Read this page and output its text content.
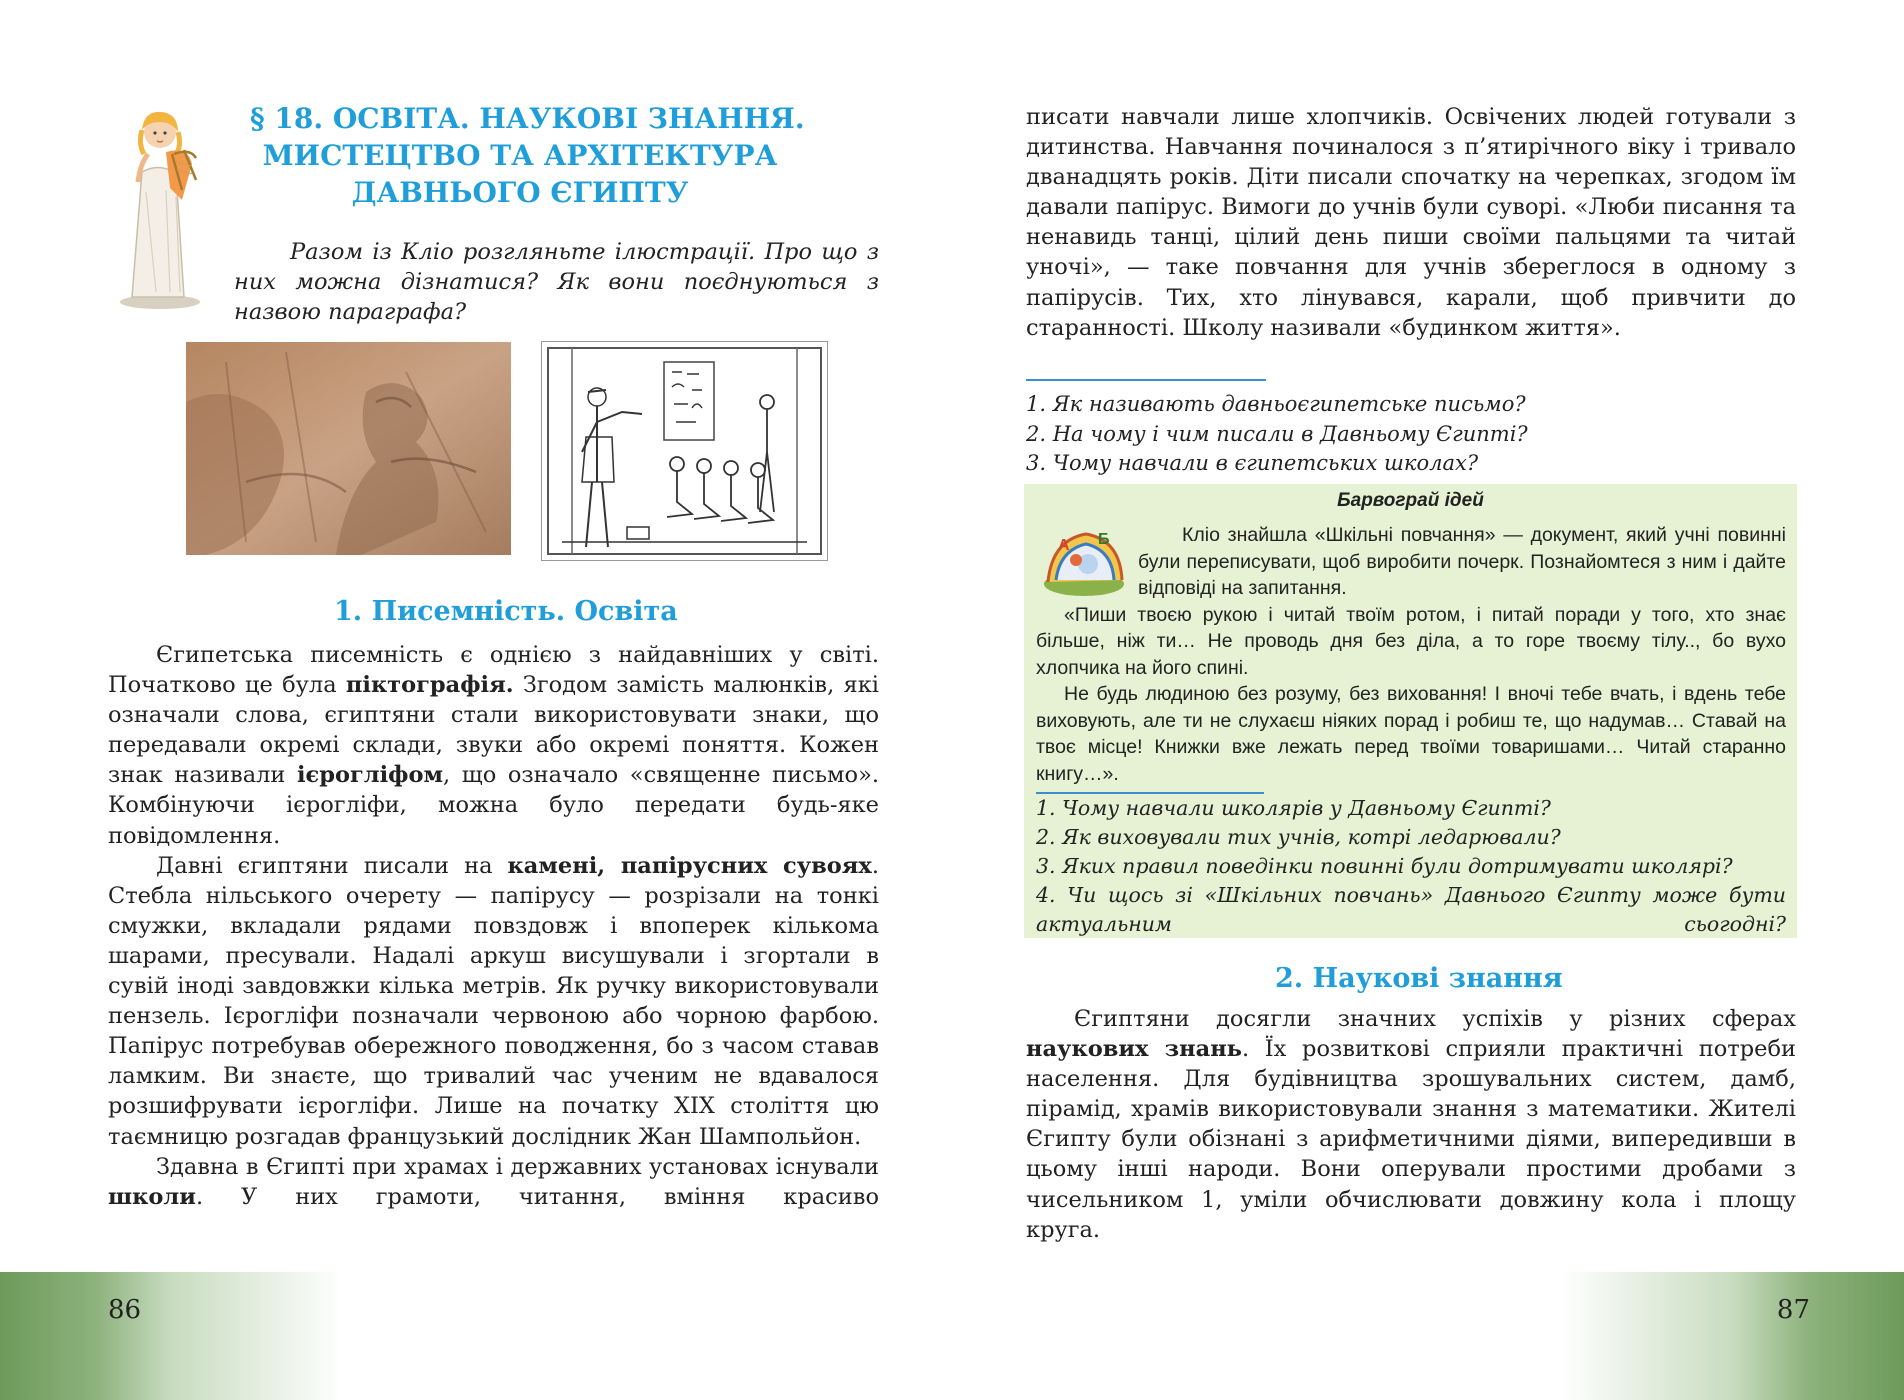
86
§ 18. ОСВІТА. НАУКОВІ ЗНАННЯ.
МИСТЕЦТВО ТА АРХІТЕКТУРА
ДАВНЬОГО ЄГИПТУ
Разом із Кліо розгляньте ілюстрації. Про що з них можна дізнатися? Як вони поєднуються з назвою параграфа?
1. Писемність. Освіта

Єгипетська писемність є однією з найдавніших у світі. Початково це була піктографія. Згодом замість малюнків, які означали слова, єгиптяни стали використовувати знаки, що передавали окремі склади, звуки або окремі поняття. Кожен знак називали ієрогліфом, що означало «священне письмо». Комбінуючи ієрогліфи, можна було передати будь-яке повідомлення.

Давні єгиптяни писали на камені, папірусних сувоях. Стебла нільського очерету — папірусу — розрізали на тонкі смужки, вкладали рядами повздовж і впоперек кількома шарами, пресували. Надалі аркуш висушували і згортали в сувій іноді завдовжки кілька метрів. Як ручку використовували пензель. Ієрогліфи позначали червоною або чорною фарбою. Папірус потребував обережного поводження, бо з часом ставав ламким. Ви знаєте, що тривалий час ученим не вдавалося розшифрувати ієрогліфи. Лише на початку XIX століття цю таємницю розгадав французький дослідник Жан Шампольйон.

Здавна в Єгипті при храмах і державних установах існували школи. У них грамоти, читання, вміння красиво

87

писати навчали лише хлопчиків. Освічених людей готували з дитинства. Навчання починалося з п’ятирічного віку і тривало дванадцять років. Діти писали спочатку на черепках, згодом їм давали папірус. Вимоги до учнів були суворі. «Люби писання та ненавидь танці, цілий день пиши своїми пальцями та читай уночі», — таке повчання для учнів збереглося в одному з папірусів. Тих, хто лінувався, карали, щоб привчити до старанності. Школу називали «будинком життя».

1. Як називають давньоєгипетське письмо?
2. На чому і чим писали в Давньому Єгипті?
3. Чому навчали в єгипетських школах?
Барвограй ідей
A Б	Кліо знайшла «Шкільні повчання» — документ, який учні повинні були переписувати, щоб виробити почерк. Познайомтеся з ним і дайте відповіді на запитання.

«Пиши твоєю рукою і читай твоїм ротом, і питай поради у того, хто знає більше, ніж ти… Не проводь дня без діла, а то горе твоєму тілу.., бо вухо хлопчика на його спині.

Не будь людиною без розуму, без виховання! І вночі тебе вчать, і вдень тебе виховують, але ти не слухаєш ніяких порад і робиш те, що надумав… Ставай на твоє місце! Книжки вже лежать перед твоїми товаришами… Читай старанно книгу…».

1. Чому навчали школярів у Давньому Єгипті?
2. Як виховували тих учнів, котрі ледарювали?
3. Яких правил поведінки повинні були дотримувати школярі?
4. Чи щось зі «Шкільних повчань» Давнього Єгипту може бути актуальним сьогодні?
2. Наукові знання

Єгиптяни досягли значних успіхів у різних сферах наукових знань. Їх розвиткові сприяли практичні потреби населення. Для будівництва зрошувальних систем, дамб, пірамід, храмів використовували знання з математики. Жителі Єгипту були обізнані з арифметичними діями, випередивши в цьому інші народи. Вони оперували простими дробами з чисельником 1, уміли обчислювати довжину кола і площу круга.
